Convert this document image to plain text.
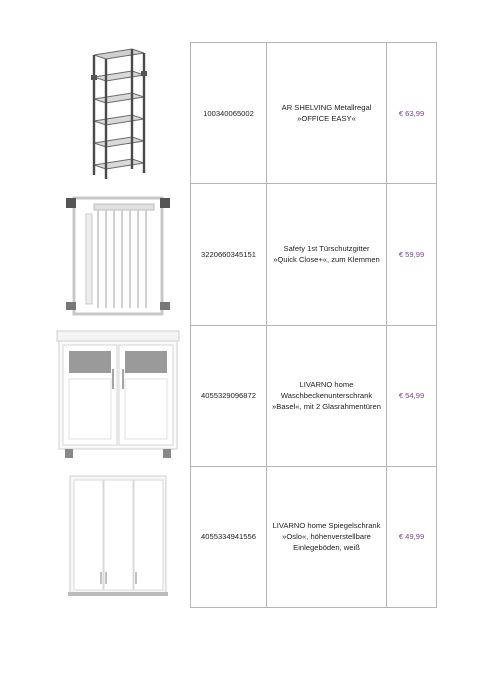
100340065002	AR SHELVING Metallregal
»OFFICE EASY«	€ 63,99
3220660345151	Safety 1st Türschutzgitter
»Quick Close+«, zum Klemmen	€ 59,99
4055329096872	LIVARNO home
Waschbeckenunterschrank
»Basel«, mit 2 Glasrahmentüren	€ 54,99
4055334941556	LIVARNO home Spiegelschrank
»Oslo«, höhenverstellbare
Einlegeböden, weiß	€ 49,99
